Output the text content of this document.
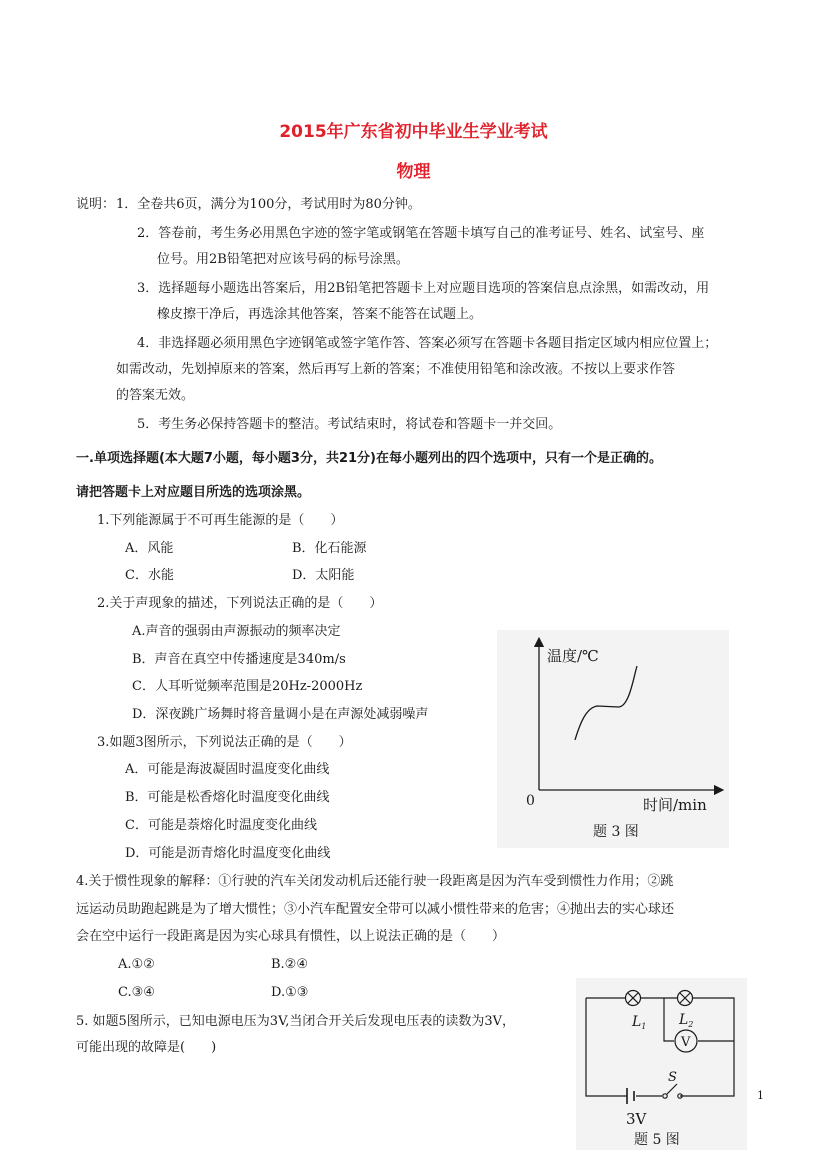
2015年广东省初中毕业生学业考试
物理
说明： 1．全卷共6页，满分为100分，考试用时为80分钟。
2．答卷前，考生务必用黑色字迹的签字笔或钢笔在答题卡填写自己的准考证号、姓名、试室号、座
位号。用2B铅笔把对应该号码的标号涂黑。
3．选择题每小题选出答案后，用2B铅笔把答题卡上对应题目选项的答案信息点涂黑，如需改动，用
橡皮擦干净后，再选涂其他答案，答案不能答在试题上。
4．非选择题必须用黑色字迹钢笔或签字笔作答、答案必须写在答题卡各题目指定区域内相应位置上；
如需改动，先划掉原来的答案，然后再写上新的答案；不准使用铅笔和涂改液。不按以上要求作答
的答案无效。
5．考生务必保持答题卡的整洁。考试结束时，将试卷和答题卡一并交回。
一.单项选择题(本大题7小题，每小题3分，共21分)在每小题列出的四个选项中，只有一个是正确的。
请把答题卡上对应题目所选的选项涂黑。
1.下列能源属于不可再生能源的是（　　）
A．风能	B．化石能源
C．水能	D．太阳能
2.关于声现象的描述，下列说法正确的是（　　）
A.声音的强弱由声源振动的频率决定
B．声音在真空中传播速度是340m/s
C．人耳听觉频率范围是20Hz-2000Hz
D．深夜跳广场舞时将音量调小是在声源处减弱噪声
3.如题3图所示，下列说法正确的是（　　）
A．可能是海波凝固时温度变化曲线
B．可能是松香熔化时温度变化曲线
C．可能是萘熔化时温度变化曲线
D．可能是沥青熔化时温度变化曲线
温度/℃
0	时间/min
题 3 图
4.关于惯性现象的解释：①行驶的汽车关闭发动机后还能行驶一段距离是因为汽车受到惯性力作用；②跳
远运动员助跑起跳是为了增大惯性；③小汽车配置安全带可以减小惯性带来的危害；④抛出去的实心球还
会在空中运行一段距离是因为实心球具有惯性，以上说法正确的是（　　）
A.①②	B.②④
C.③④	D.①③
5. 如题5图所示，已知电源电压为3V,当闭合开关后发现电压表的读数为3V，
可能出现的故障是(　　)
$L_1$ $L_2$
V
S
3V
题 5 图
1
